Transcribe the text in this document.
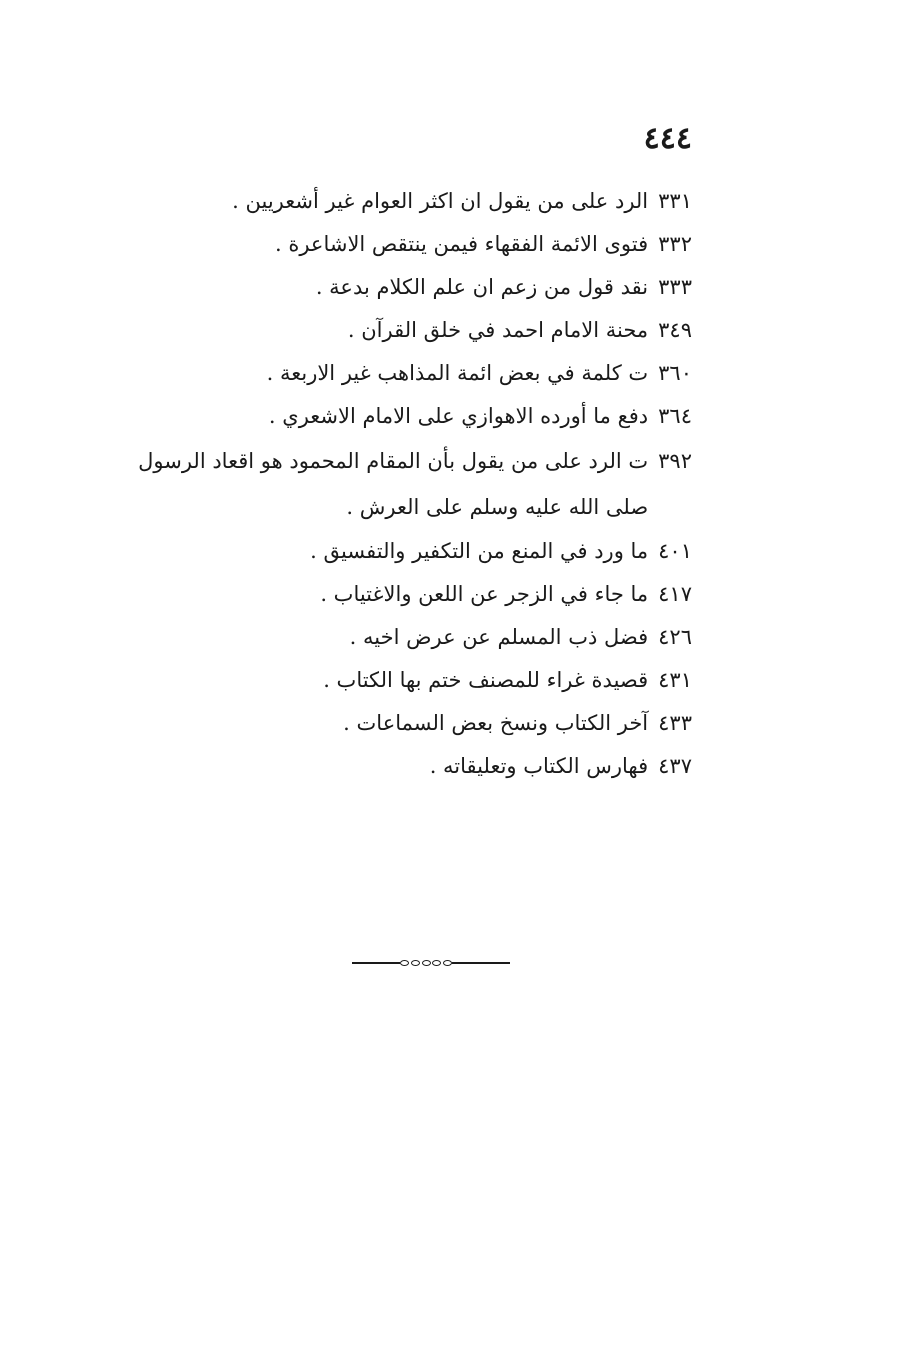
٤٤٤
٣٣١
الرد على من يقول ان اكثر العوام غير أشعريين .
٣٣٢
فتوى الائمة الفقهاء فيمن ينتقص الاشاعرة .
٣٣٣
نقد قول من زعم ان علم الكلام بدعة .
٣٤٩
محنة الامام احمد في خلق القرآن .
٣٦٠
ت كلمة في بعض ائمة المذاهب غير الاربعة .
٣٦٤
دفع ما أورده الاهوازي على الامام الاشعري .
٣٩٢
ت الرد على من يقول بأن المقام المحمود هو اقعاد الرسول صلى الله عليه وسلم على العرش .
٤٠١
ما ورد في المنع من التكفير والتفسيق .
٤١٧
ما جاء في الزجر عن اللعن والاغتياب .
٤٢٦
فضل ذب المسلم عن عرض اخيه .
٤٣١
قصيدة غراء للمصنف ختم بها الكتاب .
٤٣٣
آخر الكتاب ونسخ بعض السماعات .
٤٣٧
فهارس الكتاب وتعليقاته .
